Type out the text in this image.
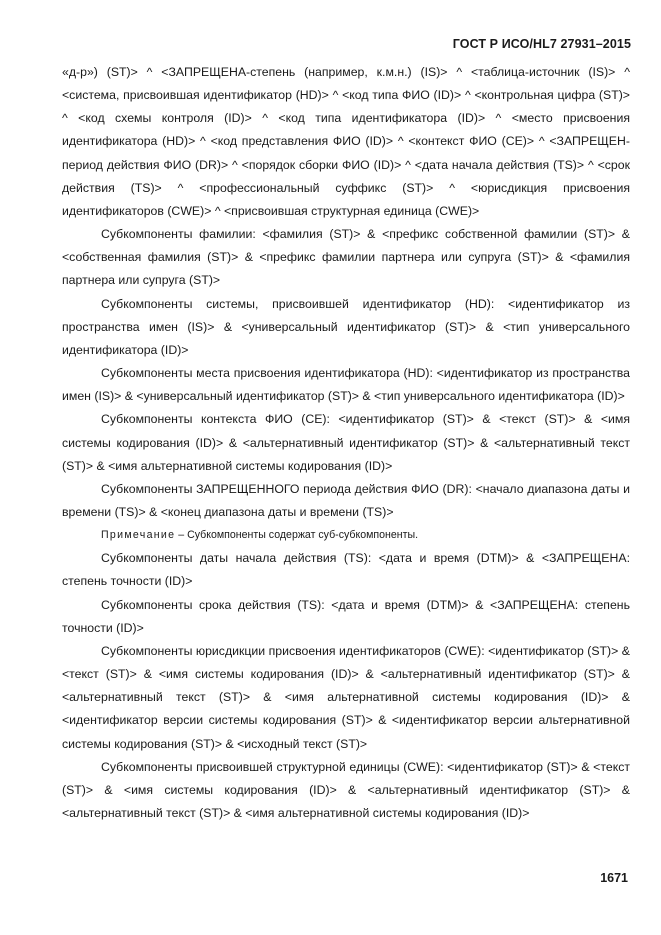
ГОСТ Р ИСО/HL7 27931–2015

«д-р») (ST)> ^ <ЗАПРЕЩЕНА-степень (например, к.м.н.) (IS)> ^ <таблица-источник (IS)> ^ <система, присвоившая идентификатор (HD)> ^ <код типа ФИО (ID)> ^ <контрольная цифра (ST)> ^ <код схемы контроля (ID)> ^ <код типа идентификатора (ID)> ^ <место присвоения идентификатора (HD)> ^ <код представления ФИО (ID)> ^ <контекст ФИО (CE)> ^ <ЗАПРЕЩЕН-период действия ФИО (DR)> ^ <порядок сборки ФИО (ID)> ^ <дата начала действия (TS)> ^ <срок действия (TS)> ^ <профессиональный суффикс (ST)> ^ <юрисдикция присвоения идентификаторов (CWE)> ^ <присвоившая структурная единица (CWE)>

Субкомпоненты фамилии: <фамилия (ST)> & <префикс собственной фамилии (ST)> & <собственная фамилия (ST)> & <префикс фамилии партнера или супруга (ST)> & <фамилия партнера или супруга (ST)>

Субкомпоненты системы, присвоившей идентификатор (HD): <идентификатор из пространства имен (IS)> & <универсальный идентификатор (ST)> & <тип универсального идентификатора (ID)>

Субкомпоненты места присвоения идентификатора (HD): <идентификатор из пространства имен (IS)> & <универсальный идентификатор (ST)> & <тип универсального идентификатора (ID)>

Субкомпоненты контекста ФИО (CE): <идентификатор (ST)> & <текст (ST)> & <имя системы кодирования (ID)> & <альтернативный идентификатор (ST)> & <альтернативный текст (ST)> & <имя альтернативной системы кодирования (ID)>

Субкомпоненты ЗАПРЕЩЕННОГО периода действия ФИО (DR): <начало диапазона даты и времени (TS)> & <конец диапазона даты и времени (TS)>

Примечание – Субкомпоненты содержат суб-субкомпоненты.

Субкомпоненты даты начала действия (TS): <дата и время (DTM)> & <ЗАПРЕЩЕНА: степень точности (ID)>

Субкомпоненты срока действия (TS): <дата и время (DTM)> & <ЗАПРЕЩЕНА: степень точности (ID)>

Субкомпоненты юрисдикции присвоения идентификаторов (CWE): <идентификатор (ST)> & <текст (ST)> & <имя системы кодирования (ID)> & <альтернативный идентификатор (ST)> & <альтернативный текст (ST)> & <имя альтернативной системы кодирования (ID)> & <идентификатор версии системы кодирования (ST)> & <идентификатор версии альтернативной системы кодирования (ST)> & <исходный текст (ST)>

Субкомпоненты присвоившей структурной единицы (CWE): <идентификатор (ST)> & <текст (ST)> & <имя системы кодирования (ID)> & <альтернативный идентификатор (ST)> & <альтернативный текст (ST)> & <имя альтернативной системы кодирования (ID)>

1671
